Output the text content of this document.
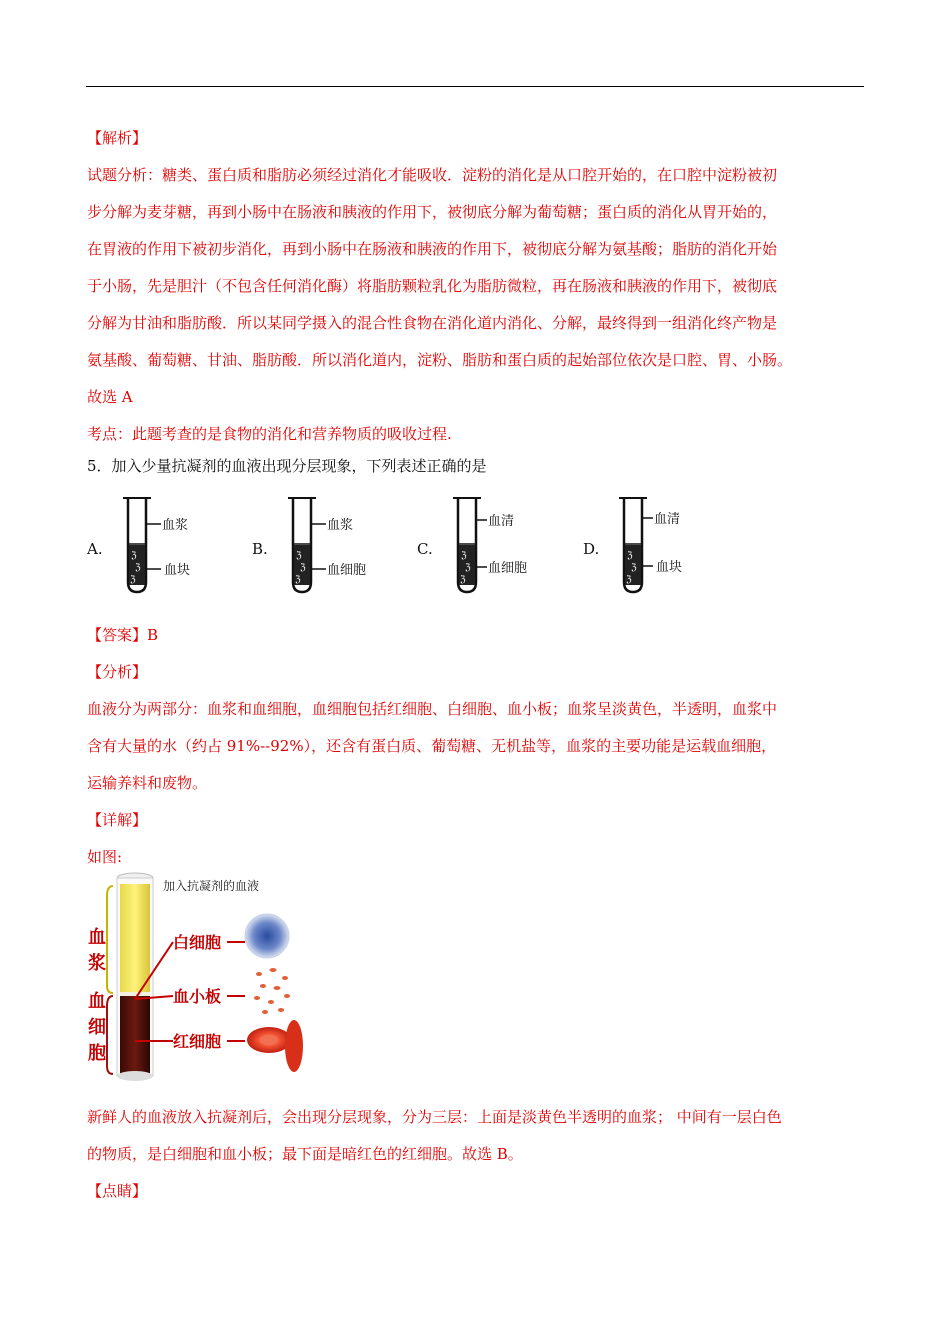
【解析】
试题分析：糖类、蛋白质和脂肪必须经过消化才能吸收．淀粉的消化是从口腔开始的，在口腔中淀粉被初
步分解为麦芽糖，再到小肠中在肠液和胰液的作用下，被彻底分解为葡萄糖；蛋白质的消化从胃开始的，
在胃液的作用下被初步消化，再到小肠中在肠液和胰液的作用下，被彻底分解为氨基酸；脂肪的消化开始
于小肠，先是胆汁（不包含任何消化酶）将脂肪颗粒乳化为脂肪微粒，再在肠液和胰液的作用下，被彻底
分解为甘油和脂肪酸．所以某同学摄入的混合性食物在消化道内消化、分解，最终得到一组消化终产物是
氨基酸、葡萄糖、甘油、脂肪酸．所以消化道内，淀粉、脂肪和蛋白质的起始部位依次是口腔、胃、小肠。
故选 A
考点：此题考查的是食物的消化和营养物质的吸收过程.
5．加入少量抗凝剂的血液出现分层现象，下列表述正确的是
A.	ℨ
ℨ
ℨ
血浆
血块
B.	ℨ
ℨ
ℨ
血浆
血细胞
C.	ℨ
ℨ
ℨ
血清
血细胞
D.	ℨ
ℨ
ℨ
血清
血块
【答案】B
【分析】
血液分为两部分：血浆和血细胞，血细胞包括红细胞、白细胞、血小板；血浆呈淡黄色，半透明，血浆中
含有大量的水（约占 91%--92%），还含有蛋白质、葡萄糖、无机盐等，血浆的主要功能是运载血细胞，
运输养料和废物。
【详解】
如图:
血
浆
血
细
胞
加入抗凝剂的血液
白细胞
血小板
红细胞
新鲜人的血液放入抗凝剂后，会出现分层现象，分为三层：上面是淡黄色半透明的血浆； 中间有一层白色
的物质，是白细胞和血小板；最下面是暗红色的红细胞。故选 B。
【点睛】
